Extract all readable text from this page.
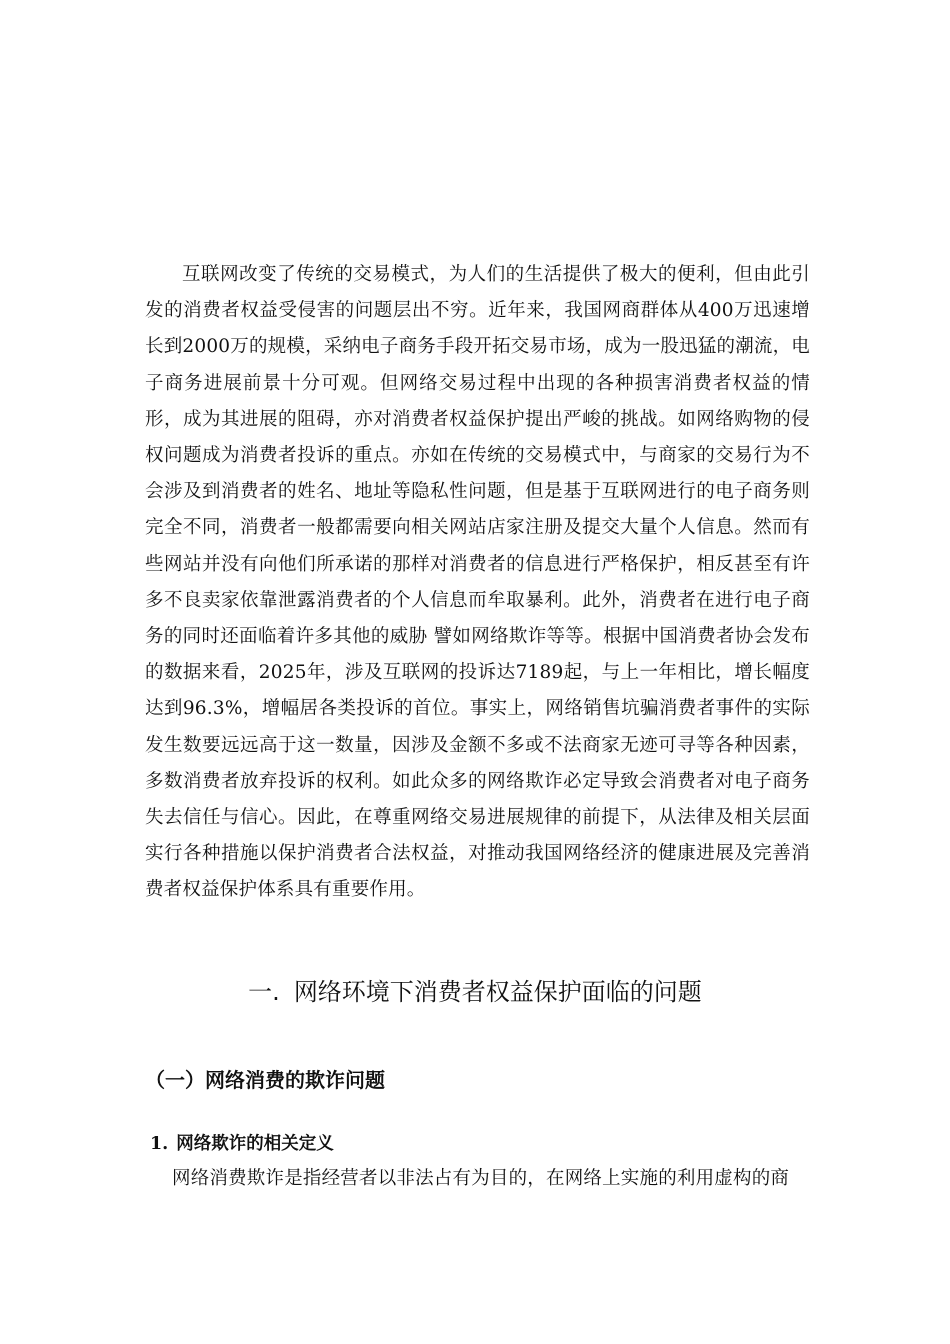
互联网改变了传统的交易模式，为人们的生活提供了极大的便利，但由此引发的消费者权益受侵害的问题层出不穷。近年来，我国网商群体从400万迅速增长到2000万的规模，采纳电子商务手段开拓交易市场，成为一股迅猛的潮流，电子商务进展前景十分可观。但网络交易过程中出现的各种损害消费者权益的情形，成为其进展的阻碍，亦对消费者权益保护提出严峻的挑战。如网络购物的侵权问题成为消费者投诉的重点。亦如在传统的交易模式中，与商家的交易行为不会涉及到消费者的姓名、地址等隐私性问题，但是基于互联网进行的电子商务则完全不同，消费者一般都需要向相关网站店家注册及提交大量个人信息。然而有些网站并没有向他们所承诺的那样对消费者的信息进行严格保护，相反甚至有许多不良卖家依靠泄露消费者的个人信息而牟取暴利。此外，消费者在进行电子商务的同时还面临着许多其他的威胁 譬如网络欺诈等等。根据中国消费者协会发布的数据来看，2025年，涉及互联网的投诉达7189起，与上一年相比，增长幅度达到96.3%，增幅居各类投诉的首位。事实上，网络销售坑骗消费者事件的实际发生数要远远高于这一数量，因涉及金额不多或不法商家无迹可寻等各种因素，多数消费者放弃投诉的权利。如此众多的网络欺诈必定导致会消费者对电子商务失去信任与信心。因此，在尊重网络交易进展规律的前提下，从法律及相关层面实行各种措施以保护消费者合法权益，对推动我国网络经济的健康进展及完善消费者权益保护体系具有重要作用。

一. 网络环境下消费者权益保护面临的问题
（一）网络消费的欺诈问题
1. 网络欺诈的相关定义

网络消费欺诈是指经营者以非法占有为目的，在网络上实施的利用虚构的商
